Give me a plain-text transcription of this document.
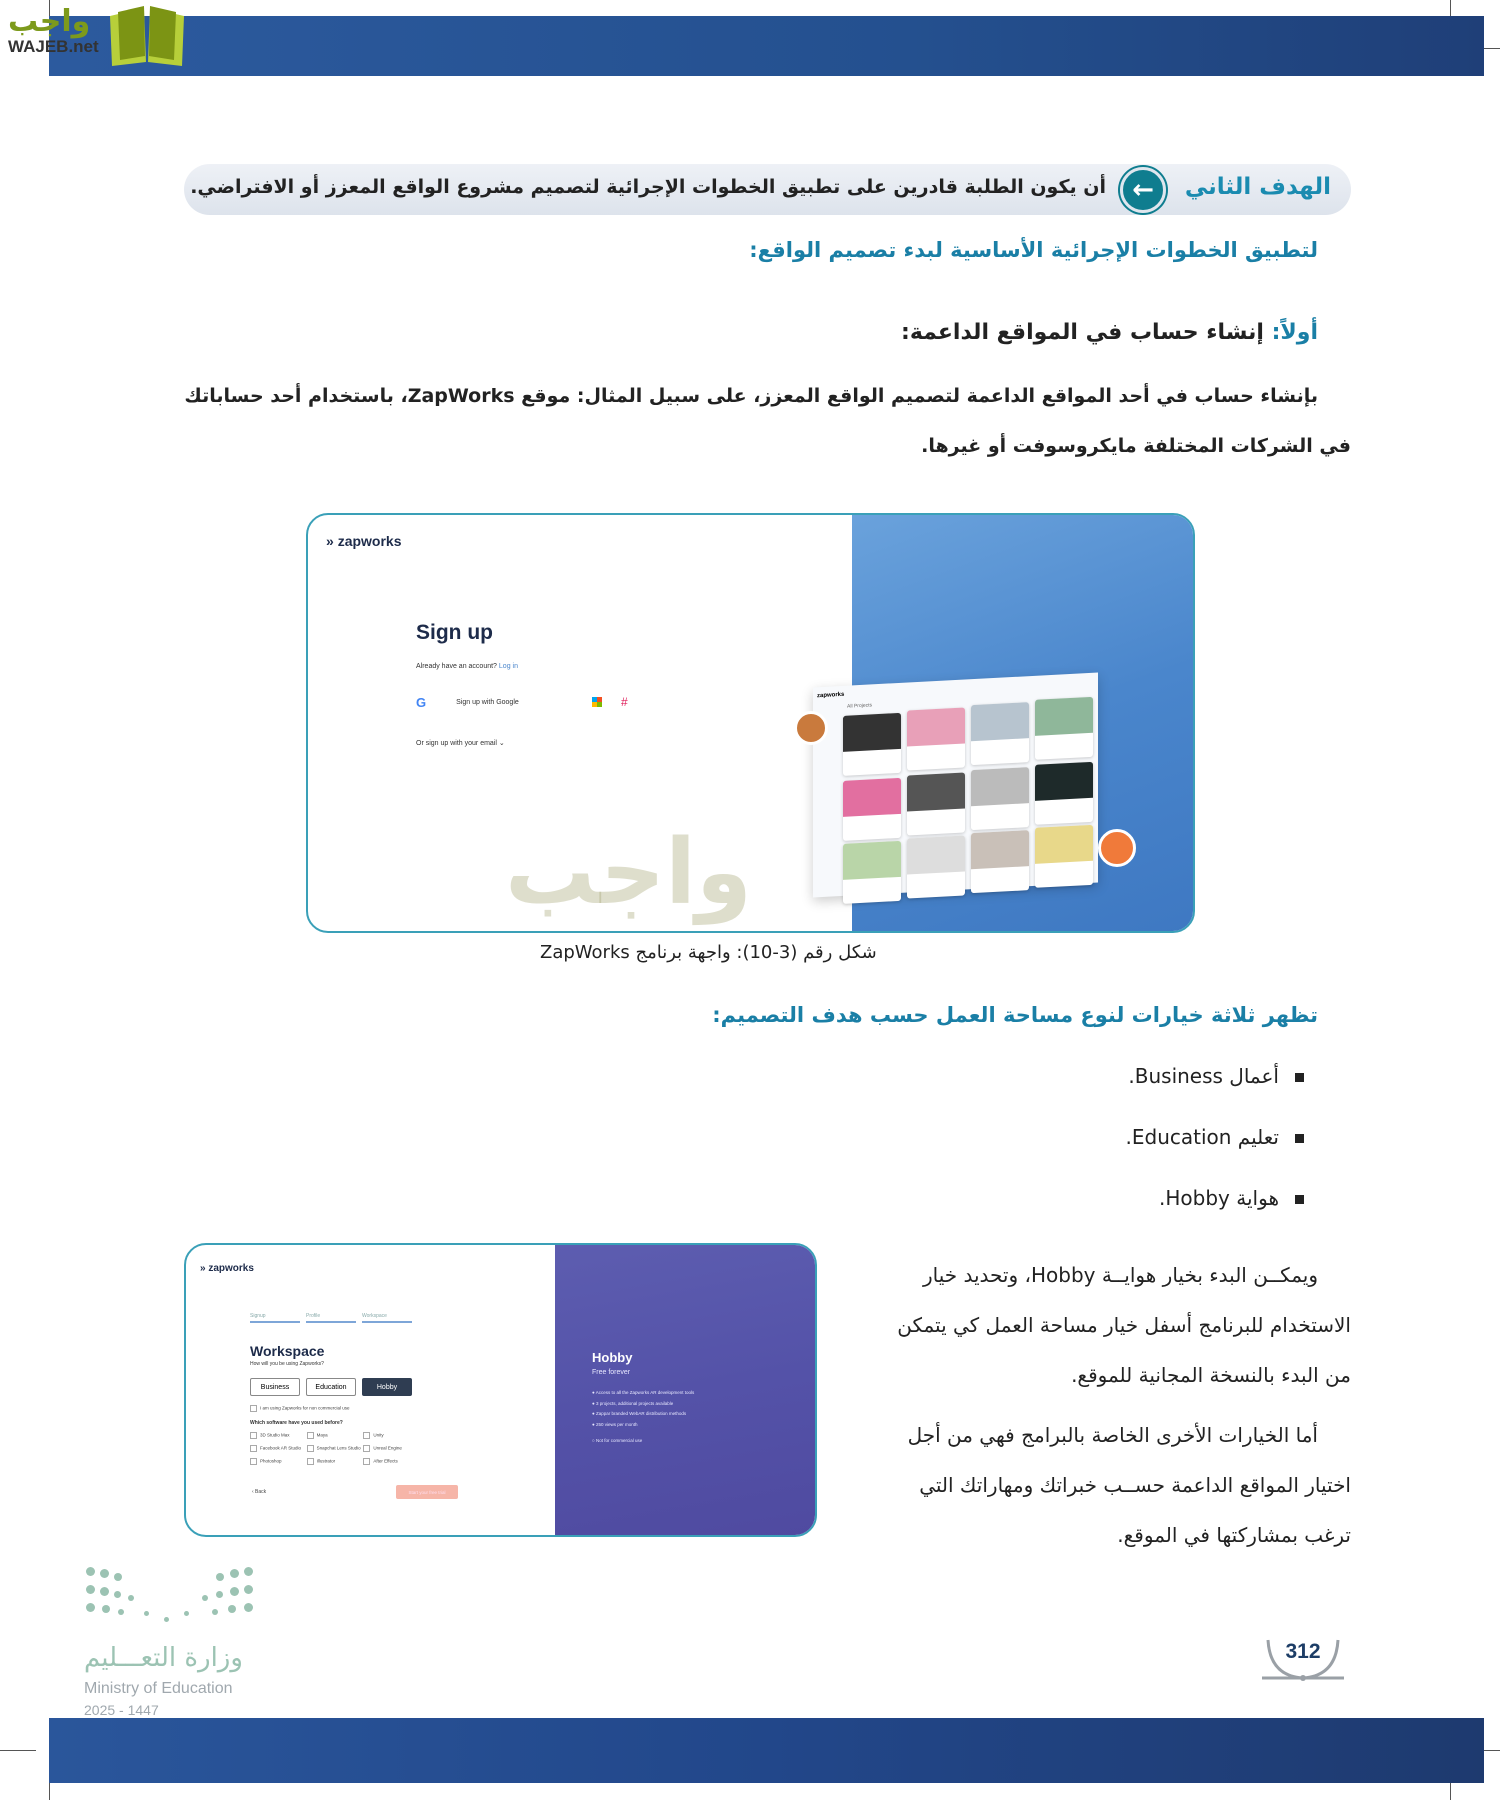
واجب
WAJEB.net
الهدف الثاني
←
أن يكون الطلبة قادرين على تطبيق الخطوات الإجرائية لتصميم مشروع الواقع المعزز أو الافتراضي.
لتطبيق الخطوات الإجرائية الأساسية لبدء تصميم الواقع:
أولاً: إنشاء حساب في المواقع الداعمة:
بإنشاء حساب في أحد المواقع الداعمة لتصميم الواقع المعزز، على سبيل المثال: موقع ZapWorks، باستخدام أحد حساباتك
في الشركات المختلفة مايكروسوفت أو غيرها.
» zapworks
Sign up
Already have an account? Log in
G	Sign up with Google	#
Or sign up with your email ⌄
zapworks
All Projects
شكل رقم (3-10): واجهة برنامج ZapWorks
واجب
تظهر ثلاثة خيارات لنوع مساحة العمل حسب هدف التصميم:
أعمال Business.
تعليم Education.
هواية Hobby.
» zapworks
Signup	Profile	Workspace
Workspace
How will you be using Zapworks?
Business	Education	Hobby
I am using Zapworks for non commercial use
Which software have you used before?
3D Studio Max	Maya	Unity
Facebook AR Studio	Snapchat Lens Studio	Unreal Engine
Photoshop	Illustrator	After Effects
‹ Back	Start your free trial
Hobby
Free forever
● Access to all the Zapworks AR development tools
● 3 projects, additional projects available
● Zappar branded WebAR distribution methods
● 250 views per month
○ Not for commercial use
ويمكــن البدء بخيار هوايــة Hobby، وتحديد خيار
الاستخدام للبرنامج أسفل خيار مساحة العمل كي يتمكن
من البدء بالنسخة المجانية للموقع.
أما الخيارات الأخرى الخاصة بالبرامج فهي من أجل
اختيار المواقع الداعمة حســب خبراتك ومهاراتك التي
ترغب بمشاركتها في الموقع.
وزارة التعـــليم
Ministry of Education
2025 - 1447
312
